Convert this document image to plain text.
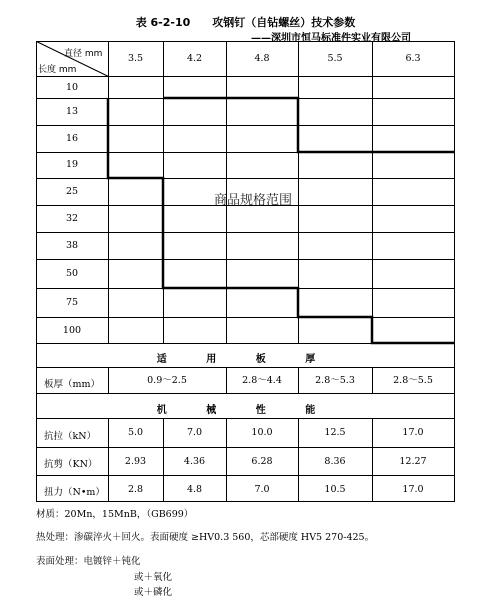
表 6-2-10　　攻钢钉（自钻螺丝）技术参数
——深圳市恒马标准件实业有限公司
直径 mm
长度 mm
3.5	4.2	4.8	5.5	6.3
10
13
16
19
25
32
38
50
75
100
商品规格范围
适 用 板 厚
板厚（mm）	0.9～2.5	2.8～4.4	2.8～5.3	2.8～5.5
机 械 性 能
抗拉（kN）	5.0	7.0	10.0	12.5	17.0
抗剪（KN）	2.93	4.36	6.28	8.36	12.27
扭力（N•m）	2.8	4.8	7.0	10.5	17.0
材质：20Mn，15MnB，（GB699）
热处理：渗碳淬火＋回火。表面硬度 ≥HV0.3 560，芯部硬度 HV5 270-425。
表面处理：电镀锌＋钝化
或＋氧化
或＋磷化
